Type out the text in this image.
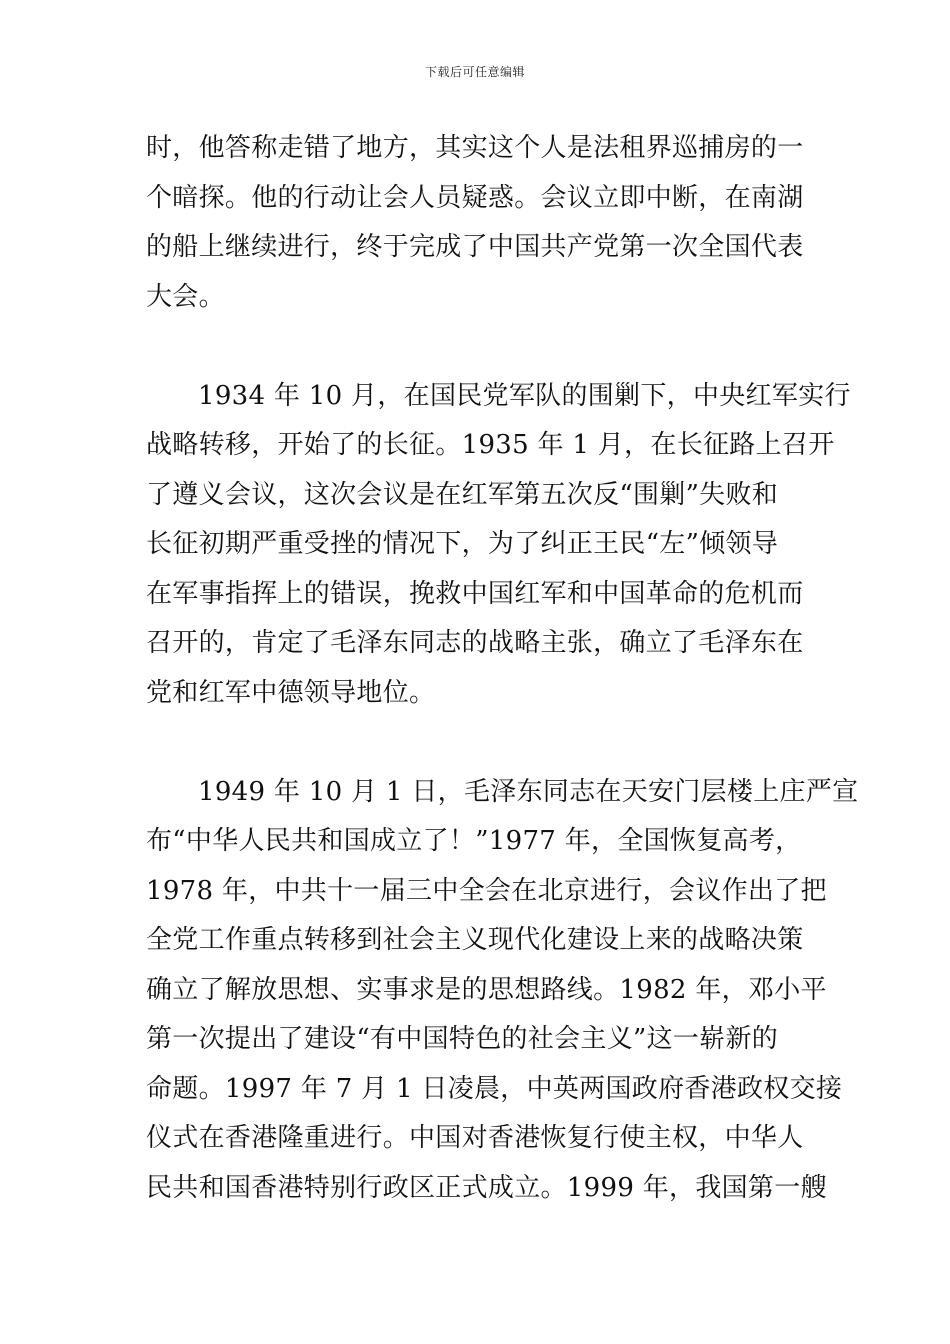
下载后可任意编辑
时，他答称走错了地方，其实这个人是法租界巡捕房的一
个暗探。他的行动让会人员疑惑。会议立即中断，在南湖
的船上继续进行，终于完成了中国共产党第一次全国代表
大会。
1934 年 10 月，在国民党军队的围剿下，中央红军实行
战略转移，开始了的长征。1935 年 1 月，在长征路上召开
了遵义会议，这次会议是在红军第五次反“围剿”失败和
长征初期严重受挫的情况下，为了纠正王民“左”倾领导
在军事指挥上的错误，挽救中国红军和中国革命的危机而
召开的，肯定了毛泽东同志的战略主张，确立了毛泽东在
党和红军中德领导地位。
1949 年 10 月 1 日，毛泽东同志在天安门层楼上庄严宣
布“中华人民共和国成立了！”1977 年，全国恢复高考，
1978 年，中共十一届三中全会在北京进行，会议作出了把
全党工作重点转移到社会主义现代化建设上来的战略决策
确立了解放思想、实事求是的思想路线。1982 年，邓小平
第一次提出了建设“有中国特色的社会主义”这一崭新的
命题。1997 年 7 月 1 日凌晨，中英两国政府香港政权交接
仪式在香港隆重进行。中国对香港恢复行使主权，中华人
民共和国香港特别行政区正式成立。1999 年，我国第一艘
